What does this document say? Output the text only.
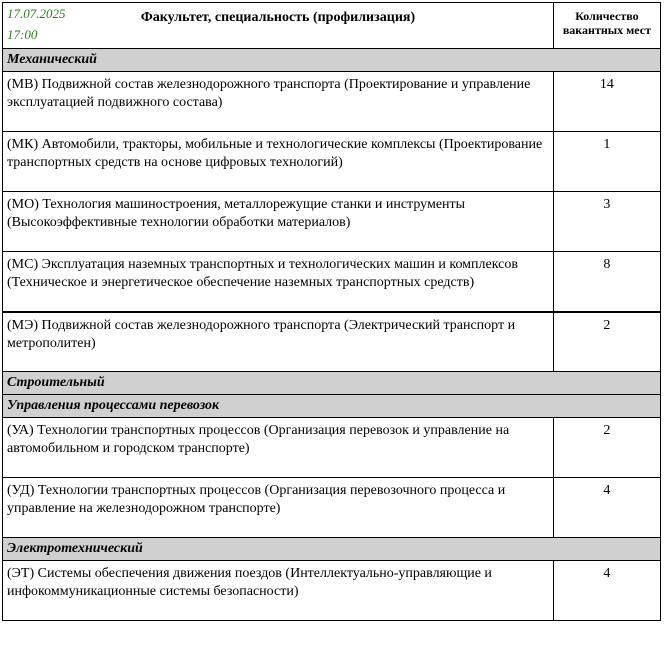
17.07.2025
17:00
Факультет, специальность (профилизация)	Количество
вакантных мест
Механический	
(МВ) Подвижной состав железнодорожного транспорта (Проектирование и управление эксплуатацией подвижного состава)	14
(МК) Автомобили, тракторы, мобильные и технологические комплексы (Проектирование транспортных средств на основе цифровых технологий)	1
(МО) Технология машиностроения, металлорежущие станки и инструменты (Высокоэффективные технологии обработки материалов)	3
(МС) Эксплуатация наземных транспортных и технологических машин и комплексов (Техническое и энергетическое обеспечение наземных транспортных средств)	8
(МЭ) Подвижной состав железнодорожного транспорта (Электрический транспорт и метрополитен)	2
Строительный	
Управления процессами перевозок	
(УА) Технологии транспортных процессов (Организация перевозок и управление на автомобильном и городском транспорте)	2
(УД) Технологии транспортных процессов (Организация перевозочного процесса и управление на железнодорожном транспорте)	4
Электротехнический	
(ЭТ) Системы обеспечения движения поездов (Интеллектуально-управляющие и инфокоммуникационные системы безопасности)	4
